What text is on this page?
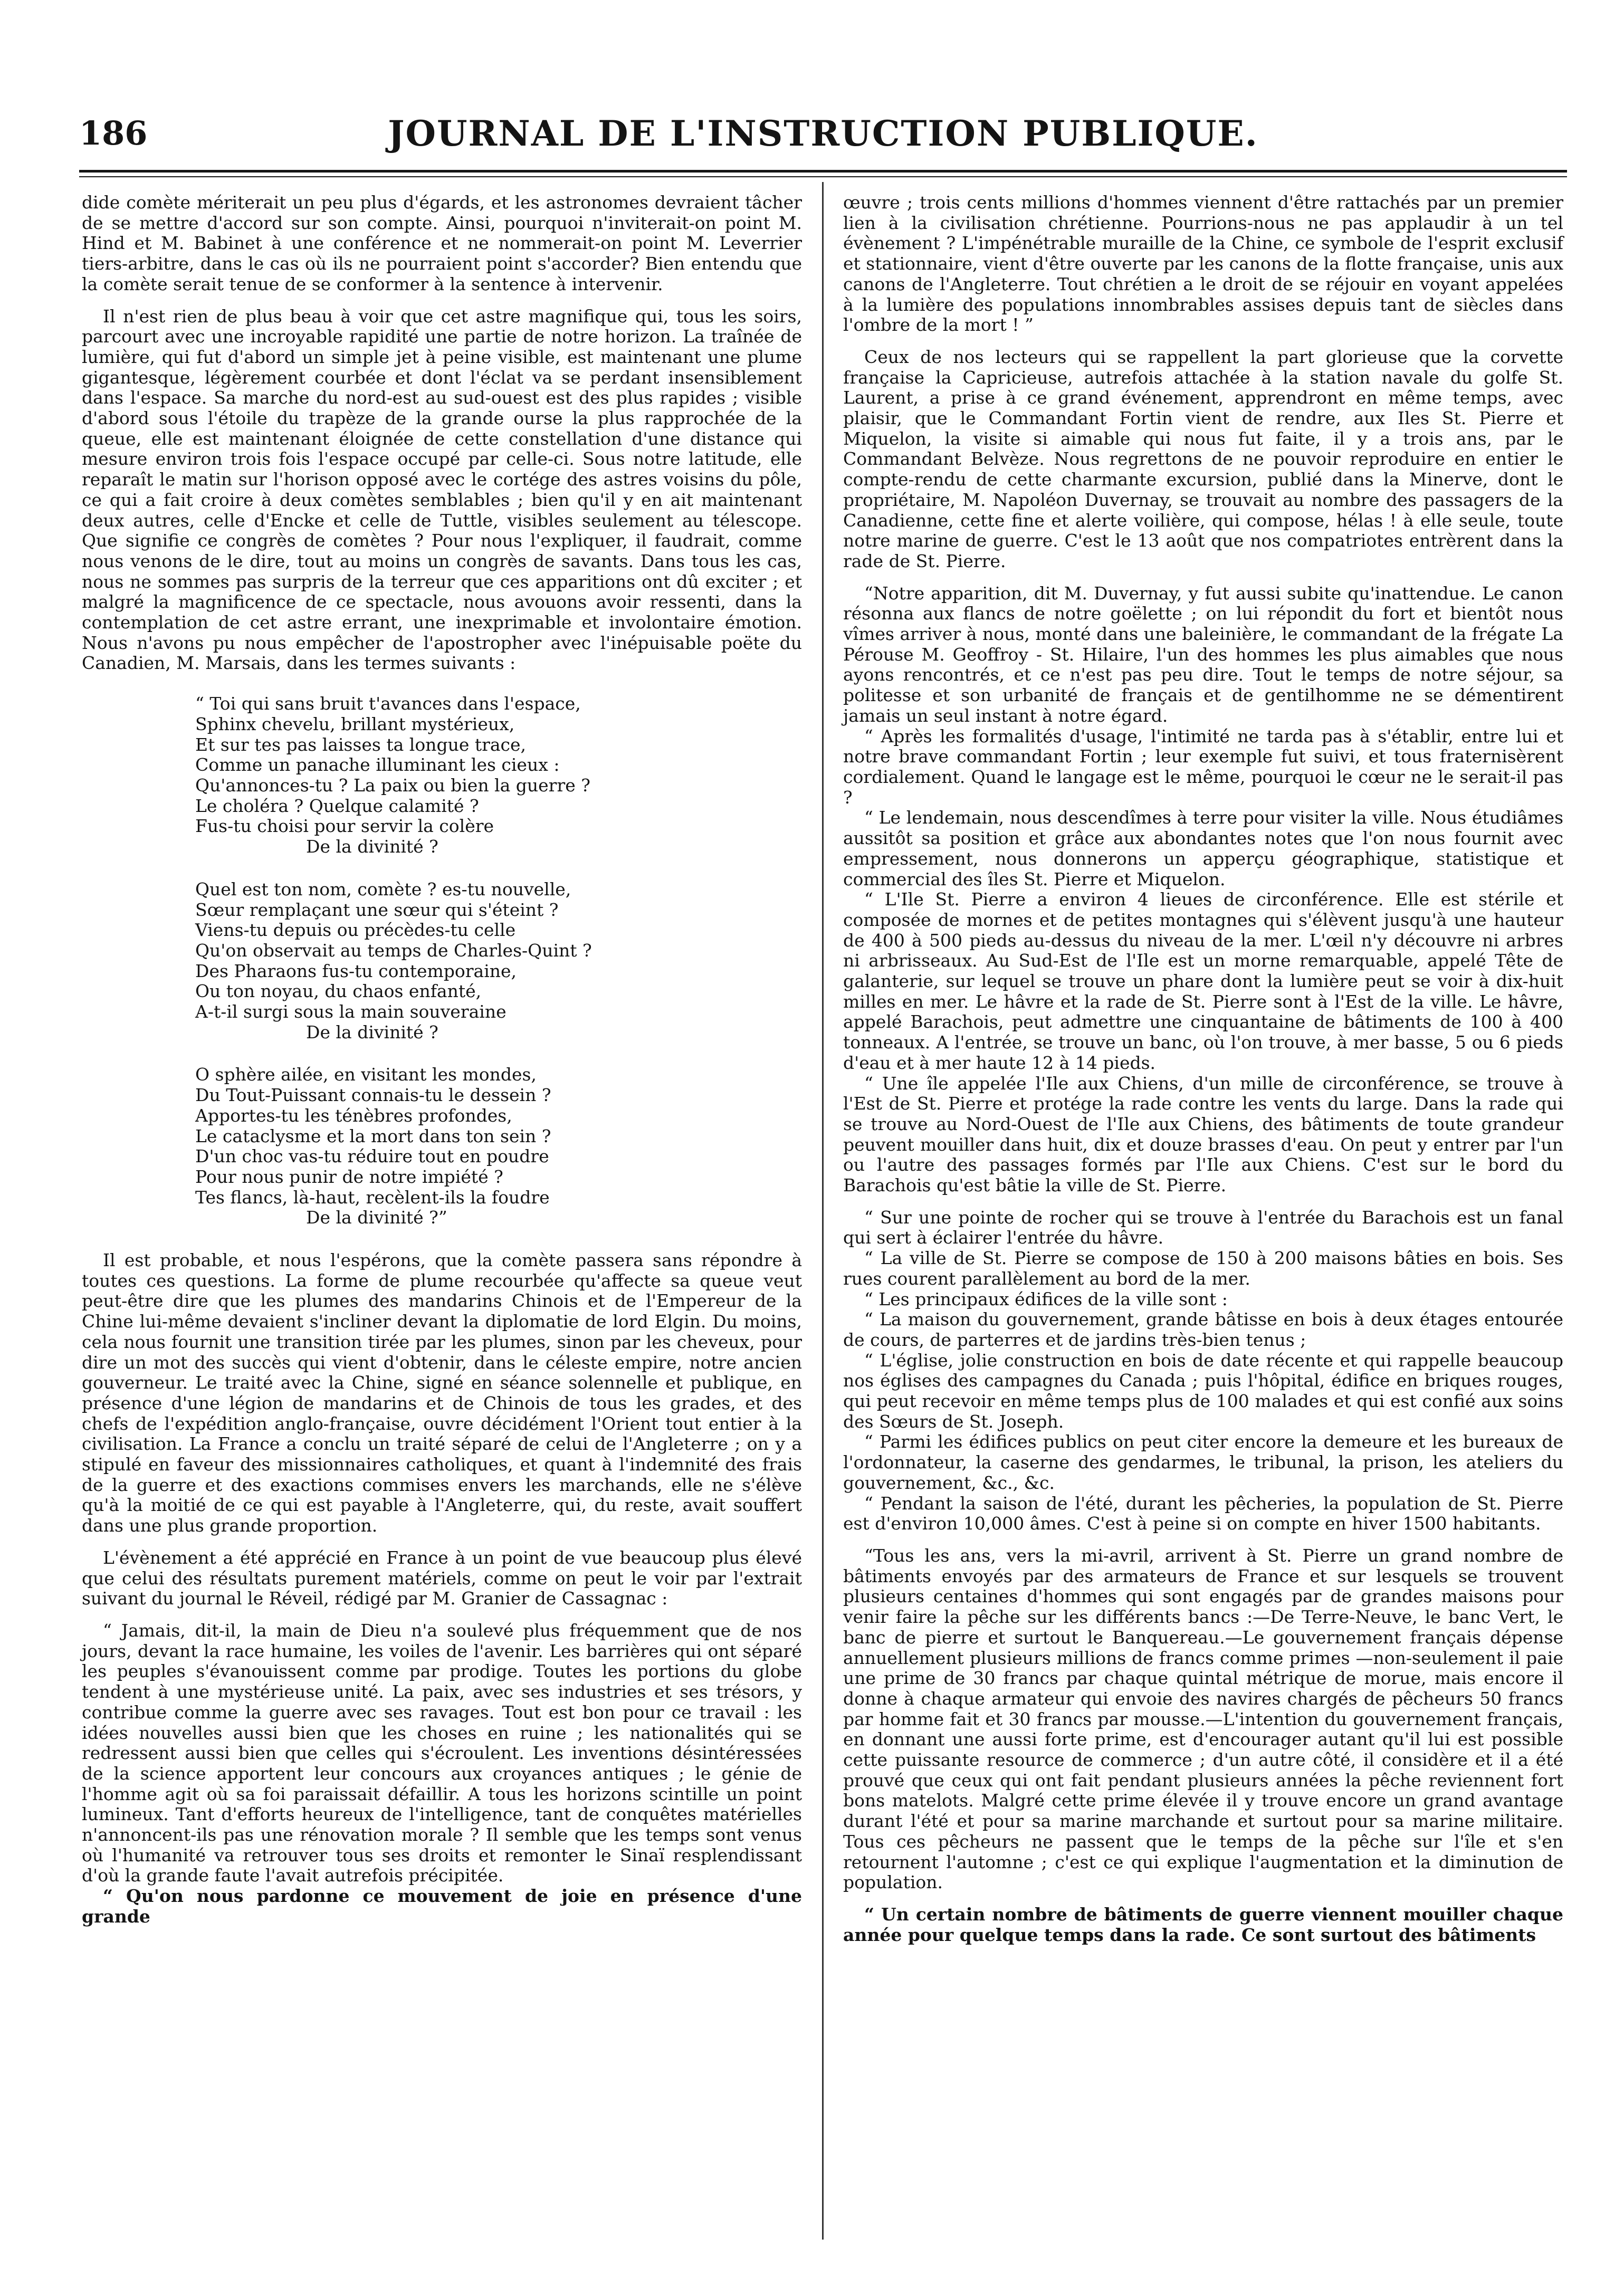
186	JOURNAL DE L'INSTRUCTION PUBLIQUE.

dide comète mériterait un peu plus d'égards, et les astronomes devraient tâcher de se mettre d'accord sur son compte. Ainsi, pourquoi n'inviterait-on point M. Hind et M. Babinet à une conférence et ne nommerait-on point M. Leverrier tiers-arbitre, dans le cas où ils ne pourraient point s'accorder? Bien entendu que la comète serait tenue de se conformer à la sentence à intervenir.

Il n'est rien de plus beau à voir que cet astre magnifique qui, tous les soirs, parcourt avec une incroyable rapidité une partie de notre horizon. La traînée de lumière, qui fut d'abord un simple jet à peine visible, est maintenant une plume gigantesque, légèrement courbée et dont l'éclat va se perdant insensiblement dans l'espace. Sa marche du nord-est au sud-ouest est des plus rapides ; visible d'abord sous l'étoile du trapèze de la grande ourse la plus rapprochée de la queue, elle est maintenant éloignée de cette constellation d'une distance qui mesure environ trois fois l'espace occupé par celle-ci. Sous notre latitude, elle reparaît le matin sur l'horison opposé avec le cortége des astres voisins du pôle, ce qui a fait croire à deux comètes semblables ; bien qu'il y en ait maintenant deux autres, celle d'Encke et celle de Tuttle, visibles seulement au télescope. Que signifie ce congrès de comètes ? Pour nous l'expliquer, il faudrait, comme nous venons de le dire, tout au moins un congrès de savants. Dans tous les cas, nous ne sommes pas surpris de la terreur que ces apparitions ont dû exciter ; et malgré la magnificence de ce spectacle, nous avouons avoir ressenti, dans la contemplation de cet astre errant, une inexprimable et involontaire émotion. Nous n'avons pu nous empêcher de l'apostropher avec l'inépuisable poëte du Canadien, M. Marsais, dans les termes suivants :

“ Toi qui sans bruit t'avances dans l'espace,
Sphinx chevelu, brillant mystérieux,
Et sur tes pas laisses ta longue trace,
Comme un panache illuminant les cieux :
Qu'annonces-tu ? La paix ou bien la guerre ?
Le choléra ? Quelque calamité ?
Fus-tu choisi pour servir la colère
De la divinité ?
Quel est ton nom, comète ? es-tu nouvelle,
Sœur remplaçant une sœur qui s'éteint ?
Viens-tu depuis ou précèdes-tu celle
Qu'on observait au temps de Charles-Quint ?
Des Pharaons fus-tu contemporaine,
Ou ton noyau, du chaos enfanté,
A-t-il surgi sous la main souveraine
De la divinité ?
O sphère ailée, en visitant les mondes,
Du Tout-Puissant connais-tu le dessein ?
Apportes-tu les ténèbres profondes,
Le cataclysme et la mort dans ton sein ?
D'un choc vas-tu réduire tout en poudre
Pour nous punir de notre impiété ?
Tes flancs, là-haut, recèlent-ils la foudre
De la divinité ?”

Il est probable, et nous l'espérons, que la comète passera sans répondre à toutes ces questions. La forme de plume recourbée qu'affecte sa queue veut peut-être dire que les plumes des mandarins Chinois et de l'Empereur de la Chine lui-même devaient s'incliner devant la diplomatie de lord Elgin. Du moins, cela nous fournit une transition tirée par les plumes, sinon par les cheveux, pour dire un mot des succès qui vient d'obtenir, dans le céleste empire, notre ancien gouverneur. Le traité avec la Chine, signé en séance solennelle et publique, en présence d'une légion de mandarins et de Chinois de tous les grades, et des chefs de l'expédition anglo-française, ouvre décidément l'Orient tout entier à la civilisation. La France a conclu un traité séparé de celui de l'Angleterre ; on y a stipulé en faveur des missionnaires catholiques, et quant à l'indemnité des frais de la guerre et des exactions commises envers les marchands, elle ne s'élève qu'à la moitié de ce qui est payable à l'Angleterre, qui, du reste, avait souffert dans une plus grande proportion.

L'évènement a été apprécié en France à un point de vue beaucoup plus élevé que celui des résultats purement matériels, comme on peut le voir par l'extrait suivant du journal le Réveil, rédigé par M. Granier de Cassagnac :

“ Jamais, dit-il, la main de Dieu n'a soulevé plus fréquemment que de nos jours, devant la race humaine, les voiles de l'avenir. Les barrières qui ont séparé les peuples s'évanouissent comme par prodige. Toutes les portions du globe tendent à une mystérieuse unité. La paix, avec ses industries et ses trésors, y contribue comme la guerre avec ses ravages. Tout est bon pour ce travail : les idées nouvelles aussi bien que les choses en ruine ; les nationalités qui se redressent aussi bien que celles qui s'écroulent. Les inventions désintéressées de la science apportent leur concours aux croyances antiques ; le génie de l'homme agit où sa foi paraissait défaillir. A tous les horizons scintille un point lumineux. Tant d'efforts heureux de l'intelligence, tant de conquêtes matérielles n'annoncent-ils pas une rénovation morale ? Il semble que les temps sont venus où l'humanité va retrouver tous ses droits et remonter le Sinaï resplendissant d'où la grande faute l'avait autrefois précipitée.

“ Qu'on nous pardonne ce mouvement de joie en présence d'une grande

œuvre ; trois cents millions d'hommes viennent d'être rattachés par un premier lien à la civilisation chrétienne. Pourrions-nous ne pas applaudir à un tel évènement ? L'impénétrable muraille de la Chine, ce symbole de l'esprit exclusif et stationnaire, vient d'être ouverte par les canons de la flotte française, unis aux canons de l'Angleterre. Tout chrétien a le droit de se réjouir en voyant appelées à la lumière des populations innombrables assises depuis tant de siècles dans l'ombre de la mort ! ”

Ceux de nos lecteurs qui se rappellent la part glorieuse que la corvette française la Capricieuse, autrefois attachée à la station navale du golfe St. Laurent, a prise à ce grand événement, apprendront en même temps, avec plaisir, que le Commandant Fortin vient de rendre, aux Iles St. Pierre et Miquelon, la visite si aimable qui nous fut faite, il y a trois ans, par le Commandant Belvèze. Nous regrettons de ne pouvoir reproduire en entier le compte-rendu de cette charmante excursion, publié dans la Minerve, dont le propriétaire, M. Napoléon Duvernay, se trouvait au nombre des passagers de la Canadienne, cette fine et alerte voilière, qui compose, hélas ! à elle seule, toute notre marine de guerre. C'est le 13 août que nos compatriotes entrèrent dans la rade de St. Pierre.

“Notre apparition, dit M. Duvernay, y fut aussi subite qu'inattendue. Le canon résonna aux flancs de notre goëlette ; on lui répondit du fort et bientôt nous vîmes arriver à nous, monté dans une baleinière, le commandant de la frégate La Pérouse M. Geoffroy - St. Hilaire, l'un des hommes les plus aimables que nous ayons rencontrés, et ce n'est pas peu dire. Tout le temps de notre séjour, sa politesse et son urbanité de français et de gentilhomme ne se démentirent jamais un seul instant à notre égard.

“ Après les formalités d'usage, l'intimité ne tarda pas à s'établir, entre lui et notre brave commandant Fortin ; leur exemple fut suivi, et tous fraternisèrent cordialement. Quand le langage est le même, pourquoi le cœur ne le serait-il pas ?

“ Le lendemain, nous descendîmes à terre pour visiter la ville. Nous étudiâmes aussitôt sa position et grâce aux abondantes notes que l'on nous fournit avec empressement, nous donnerons un apperçu géographique, statistique et commercial des îles St. Pierre et Miquelon.

“ L'Ile St. Pierre a environ 4 lieues de circonférence. Elle est stérile et composée de mornes et de petites montagnes qui s'élèvent jusqu'à une hauteur de 400 à 500 pieds au-dessus du niveau de la mer. L'œil n'y découvre ni arbres ni arbrisseaux. Au Sud-Est de l'Ile est un morne remarquable, appelé Tête de galanterie, sur lequel se trouve un phare dont la lumière peut se voir à dix-huit milles en mer. Le hâvre et la rade de St. Pierre sont à l'Est de la ville. Le hâvre, appelé Barachois, peut admettre une cinquantaine de bâtiments de 100 à 400 tonneaux. A l'entrée, se trouve un banc, où l'on trouve, à mer basse, 5 ou 6 pieds d'eau et à mer haute 12 à 14 pieds.

“ Une île appelée l'Ile aux Chiens, d'un mille de circonférence, se trouve à l'Est de St. Pierre et protége la rade contre les vents du large. Dans la rade qui se trouve au Nord-Ouest de l'Ile aux Chiens, des bâtiments de toute grandeur peuvent mouiller dans huit, dix et douze brasses d'eau. On peut y entrer par l'un ou l'autre des passages formés par l'Ile aux Chiens. C'est sur le bord du Barachois qu'est bâtie la ville de St. Pierre.

“ Sur une pointe de rocher qui se trouve à l'entrée du Barachois est un fanal qui sert à éclairer l'entrée du hâvre.

“ La ville de St. Pierre se compose de 150 à 200 maisons bâties en bois. Ses rues courent parallèlement au bord de la mer.

“ Les principaux édifices de la ville sont :

“ La maison du gouvernement, grande bâtisse en bois à deux étages entourée de cours, de parterres et de jardins très-bien tenus ;

“ L'église, jolie construction en bois de date récente et qui rappelle beaucoup nos églises des campagnes du Canada ; puis l'hôpital, édifice en briques rouges, qui peut recevoir en même temps plus de 100 malades et qui est confié aux soins des Sœurs de St. Joseph.

“ Parmi les édifices publics on peut citer encore la demeure et les bureaux de l'ordonnateur, la caserne des gendarmes, le tribunal, la prison, les ateliers du gouvernement, &c., &c.

“ Pendant la saison de l'été, durant les pêcheries, la population de St. Pierre est d'environ 10,000 âmes. C'est à peine si on compte en hiver 1500 habitants.

“Tous les ans, vers la mi-avril, arrivent à St. Pierre un grand nombre de bâtiments envoyés par des armateurs de France et sur lesquels se trouvent plusieurs centaines d'hommes qui sont engagés par de grandes maisons pour venir faire la pêche sur les différents bancs :—De Terre-Neuve, le banc Vert, le banc de pierre et surtout le Banquereau.—Le gouvernement français dépense annuellement plusieurs millions de francs comme primes —non-seulement il paie une prime de 30 francs par chaque quintal métrique de morue, mais encore il donne à chaque armateur qui envoie des navires chargés de pêcheurs 50 francs par homme fait et 30 francs par mousse.—L'intention du gouvernement français, en donnant une aussi forte prime, est d'encourager autant qu'il lui est possible cette puissante resource de commerce ; d'un autre côté, il considère et il a été prouvé que ceux qui ont fait pendant plusieurs années la pêche reviennent fort bons matelots. Malgré cette prime élevée il y trouve encore un grand avantage durant l'été et pour sa marine marchande et surtout pour sa marine militaire. Tous ces pêcheurs ne passent que le temps de la pêche sur l'île et s'en retournent l'automne ; c'est ce qui explique l'augmentation et la diminution de population.

“ Un certain nombre de bâtiments de guerre viennent mouiller chaque année pour quelque temps dans la rade. Ce sont surtout des bâtiments
